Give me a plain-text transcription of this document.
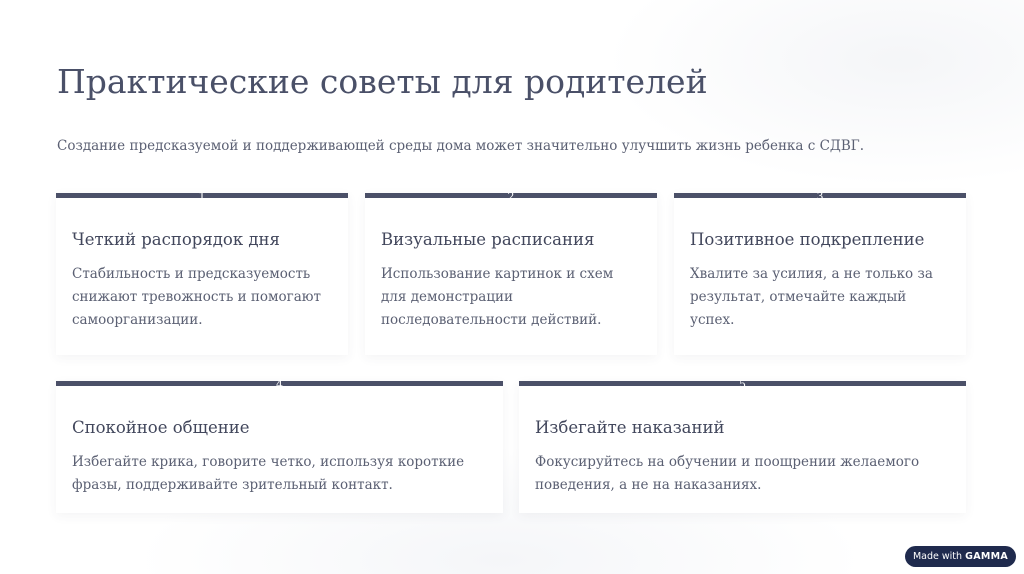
Практические советы для родителей

Создание предсказуемой и поддерживающей среды дома может значительно улучшить жизнь ребенка с СДВГ.

1
Четкий распорядок дня

Стабильность и предсказуемость снижают тревожность и помогают самоорганизации.

2
Визуальные расписания

Использование картинок и схем для демонстрации последовательности действий.

3
Позитивное подкрепление

Хвалите за усилия, а не только за результат, отмечайте каждый успех.

4
Спокойное общение

Избегайте крика, говорите четко, используя короткие фразы, поддерживайте зрительный контакт.

5
Избегайте наказаний

Фокусируйтесь на обучении и поощрении желаемого поведения, а не на наказаниях.

Made with GAMMA
